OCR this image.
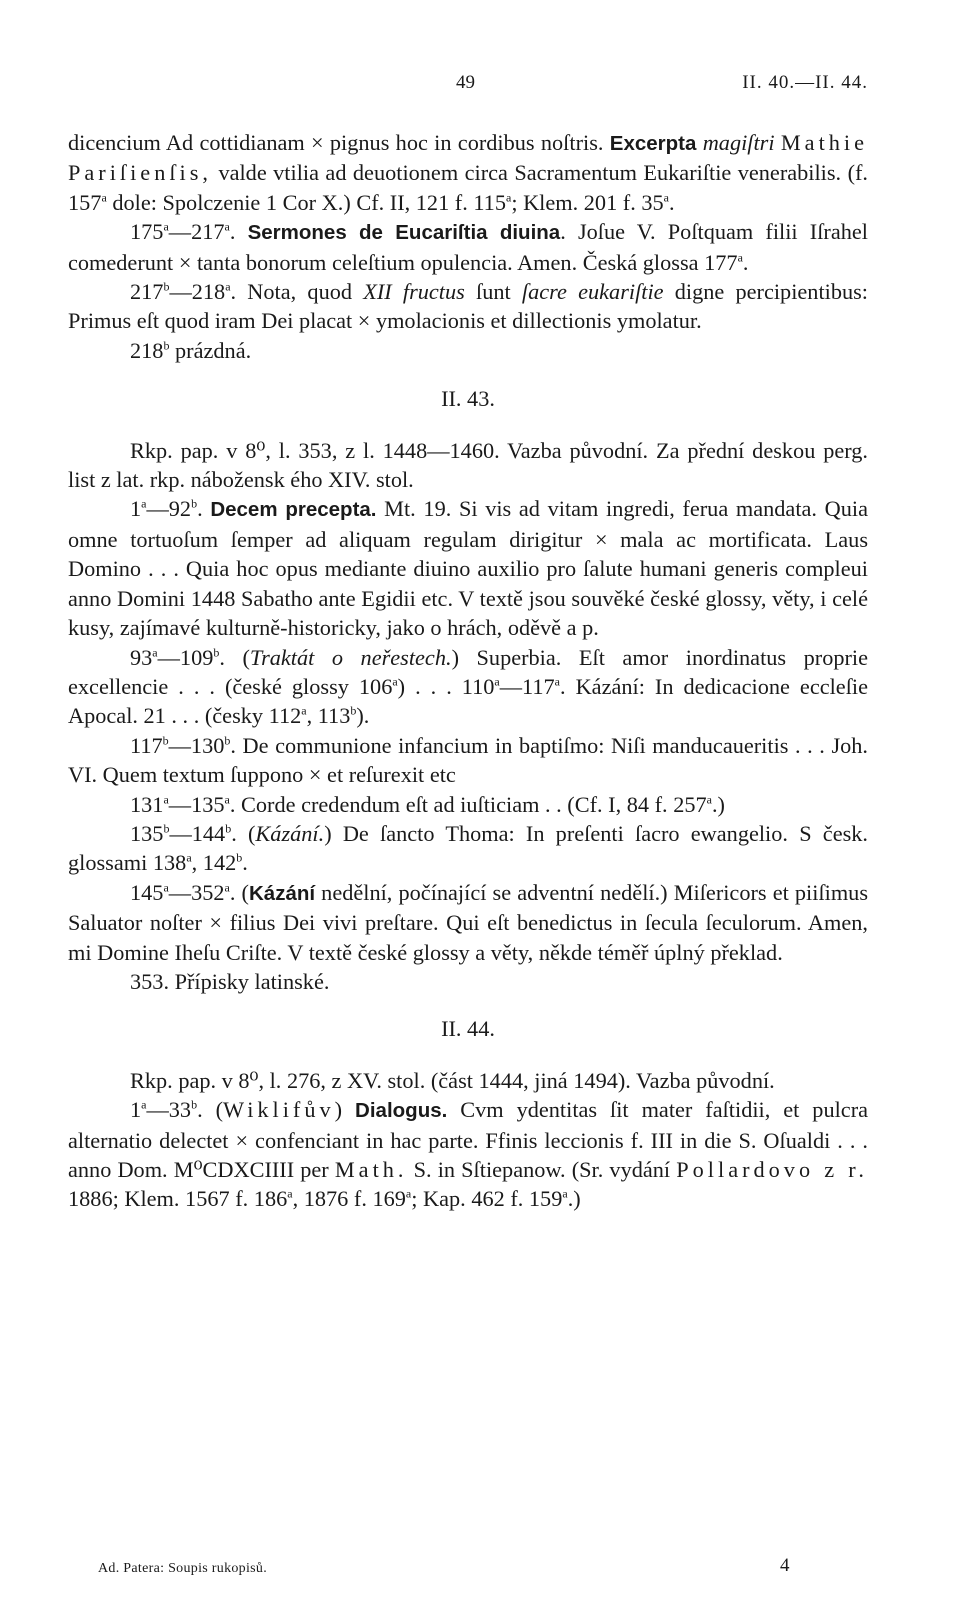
49	II. 40.—II. 44.

dicencium Ad cottidianam × pignus hoc in cordibus noſtris. Excerpta magiſtri Mathie Pariſienſis, valde vtilia ad deuotionem circa Sacramentum Eukariſtie venerabilis. (f. 157$^a$ dole: Spolczenie 1 Cor X.) Cf. II, 121 f. 115$^a$; Klem. 201 f. 35$^a$.

175$^a$—217$^a$. Sermones de Eucariſtia diuina. Joſue V. Poſtquam filii Iſrahel comederunt × tanta bonorum celeſtium opulencia. Amen. Česká glossa 177$^a$.

217$^b$—218$^a$. Nota, quod XII fructus ſunt ſacre eukariſtie digne percipientibus: Primus eſt quod iram Dei placat × ymolacionis et dillectionis ymolatur.

218$^b$ prázdná.

II. 43.

Rkp. pap. v 8⁰, l. 353, z l. 1448—1460. Vazba původní. Za přední deskou perg. list z lat. rkp. nábožensk ého XIV. stol.

1$^a$—92$^b$. Decem precepta. Mt. 19. Si vis ad vitam ingredi, ferua mandata. Quia omne tortuoſum ſemper ad aliquam regulam dirigitur × mala ac mortificata. Laus Domino . . . Quia hoc opus mediante diuino auxilio pro ſalute humani generis compleui anno Domini 1448 Sabatho ante Egidii etc. V textě jsou souvěké české glossy, věty, i celé kusy, zajímavé kulturně-historicky, jako o hrách, oděvě a p.

93$^a$—109$^b$. (Traktát o neřestech.) Superbia. Eſt amor inordinatus proprie excellencie . . . (české glossy 106$^a$) . . . 110$^a$—117$^a$. Kázání: In dedicacione eccleſie Apocal. 21 . . . (česky 112$^a$, 113$^b$).

117$^b$—130$^b$. De communione infancium in baptiſmo: Niſi manducaueritis . . . Joh. VI. Quem textum ſuppono × et reſurexit etc

131$^a$—135$^a$. Corde credendum eſt ad iuſticiam . . (Cf. I, 84 f. 257$^a$.)

135$^b$—144$^b$. (Kázání.) De ſancto Thoma: In preſenti ſacro ewangelio. S česk. glossami 138$^a$, 142$^b$.

145$^a$—352$^a$. (Kázání nedělní, počínající se adventní nedělí.) Miſericors et piiſimus Saluator noſter × filius Dei vivi preſtare. Qui eſt benedictus in ſecula ſeculorum. Amen, mi Domine Iheſu Criſte. V textě české glossy a věty, někde téměř úplný překlad.

353. Přípisky latinské.

II. 44.

Rkp. pap. v 8⁰, l. 276, z XV. stol. (část 1444, jiná 1494). Vazba původní.

1$^a$—33$^b$. (Wiklifův) Dialogus. Cvm ydentitas ſit mater faſtidii, et pulcra alternatio delectet × confenciant in hac parte. Ffinis leccionis f. III in die S. Oſualdi . . . anno Dom. M⁰CDXCIIII per Math. S. in Sſtiepanow. (Sr. vydání Pollardovo z r. 1886; Klem. 1567 f. 186$^a$, 1876 f. 169$^a$; Kap. 462 f. 159$^a$.)

Ad. Patera: Soupis rukopisů.	4
